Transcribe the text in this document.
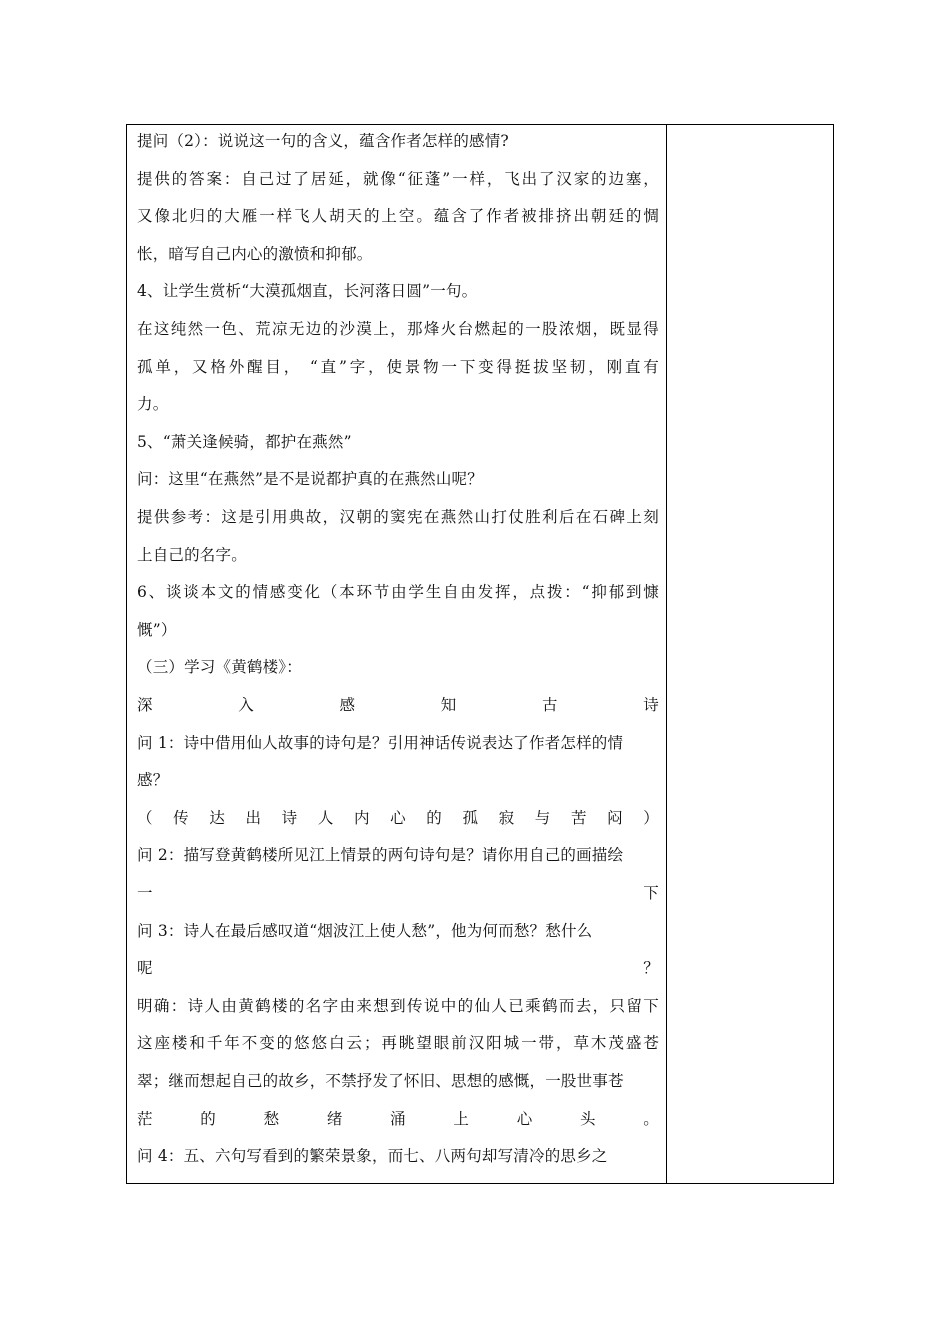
提问（2）：说说这一句的含义，蕴含作者怎样的感情?
提供的答案：自己过了居延，就像“征蓬”一样，飞出了汉家的边塞，
又像北归的大雁一样飞人胡天的上空。蕴含了作者被排挤出朝廷的惆
怅，暗写自己内心的激愤和抑郁。
4、让学生赏析“大漠孤烟直，长河落日圆”一句。
在这纯然一色、荒凉无边的沙漠上，那烽火台燃起的一股浓烟，既显得
孤单，又格外醒目， “直”字，使景物一下变得挺拔坚韧，刚直有
力。
5、“萧关逢候骑，都护在燕然”
问：这里“在燕然”是不是说都护真的在燕然山呢？
提供参考：这是引用典故，汉朝的窦宪在燕然山打仗胜利后在石碑上刻
上自己的名字。
6、谈谈本文的情感变化（本环节由学生自由发挥，点拨：“抑郁到慷
慨”）
（三）学习《黄鹤楼》：
深入感知古诗
问 1：诗中借用仙人故事的诗句是？引用神话传说表达了作者怎样的情
感？
（传达出诗人内心的孤寂与苦闷）
问 2：描写登黄鹤楼所见江上情景的两句诗句是？请你用自己的画描绘
一下
问 3：诗人在最后感叹道“烟波江上使人愁”，他为何而愁？愁什么
呢？
明确：诗人由黄鹤楼的名字由来想到传说中的仙人已乘鹤而去，只留下
这座楼和千年不变的悠悠白云；再眺望眼前汉阳城一带，草木茂盛苍
翠；继而想起自己的故乡，不禁抒发了怀旧、思想的感慨，一股世事苍
茫的愁绪涌上心头。
问 4：五、六句写看到的繁荣景象，而七、八两句却写清冷的思乡之
